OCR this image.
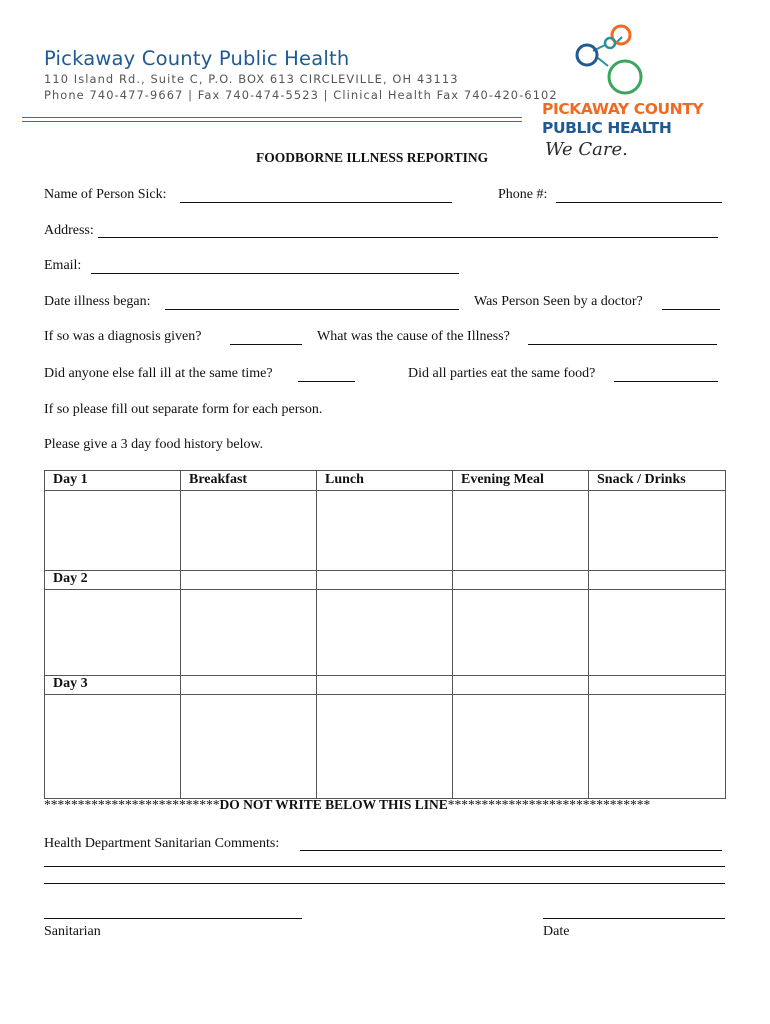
Pickaway County Public Health
110 Island Rd., Suite C, P.O. BOX 613 CIRCLEVILLE, OH 43113
Phone 740-477-9667 | Fax 740-474-5523 | Clinical Health Fax 740-420-6102
PICKAWAY COUNTY
PUBLIC HEALTH
We Care.
FOODBORNE ILLNESS REPORTING
Name of Person Sick:	Phone #:
Address:
Email:
Date illness began:	Was Person Seen by a doctor?
If so was a diagnosis given?	What was the cause of the Illness?
Did anyone else fall ill at the same time?	Did all parties eat the same food?
If so please fill out separate form for each person.
Please give a 3 day food history below.
Day 1	Breakfast	Lunch	Evening Meal	Snack / Drinks

Day 2				

Day 3				

**************************DO NOT WRITE BELOW THIS LINE******************************
Health Department Sanitarian Comments:
Sanitarian	Date
